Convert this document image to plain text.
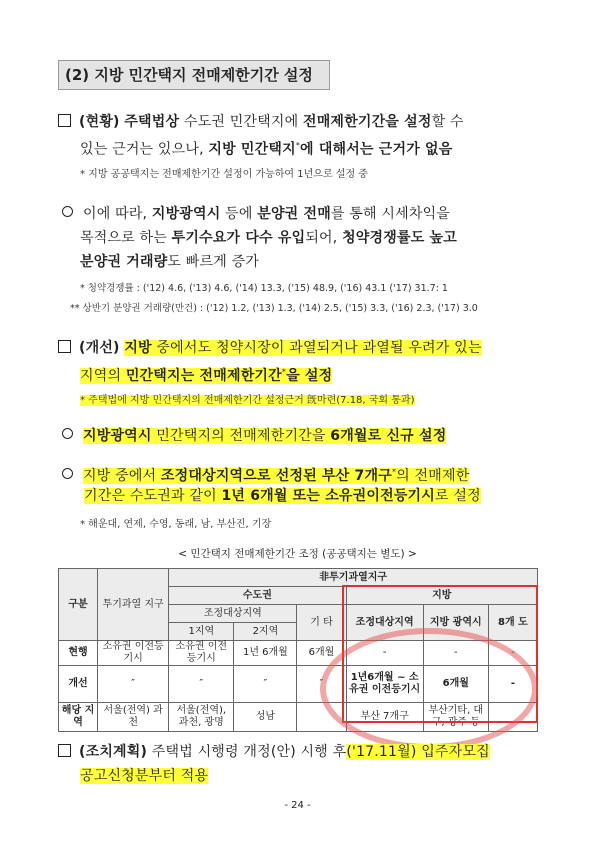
(2) 지방 민간택지 전매제한기간 설정
(현황) 주택법상 수도권 민간택지에 전매제한기간을 설정할 수
있는 근거는 있으나, 지방 민간택지*에 대해서는 근거가 없음
* 지방 공공택지는 전매제한기간 설정이 가능하여 1년으로 설정 중
이에 따라, 지방광역시 등에 분양권 전매를 통해 시세차익을
목적으로 하는 투기수요가 다수 유입되어, 청약경쟁률도 높고
분양권 거래량도 빠르게 증가
* 청약경쟁률 : ('12) 4.6, ('13) 4.6, ('14) 13.3, ('15) 48.9, ('16) 43.1 ('17) 31.7: 1
** 상반기 분양권 거래량(만건) : ('12) 1.2, ('13) 1.3, ('14) 2.5, ('15) 3.3, ('16) 2.3, ('17) 3.0
(개선) 지방 중에서도 청약시장이 과열되거나 과열될 우려가 있는
지역의 민간택지는 전매제한기간*을 설정
* 주택법에 지방 민간택지의 전매제한기간 설정근거 旣마련(7.18, 국회 통과)
지방광역시 민간택지의 전매제한기간을 6개월로 신규 설정
지방 중에서 조정대상지역으로 선정된 부산 7개구*의 전매제한
기간은 수도권과 같이 1년 6개월 또는 소유권이전등기시로 설정
* 해운대, 연제, 수영, 동래, 남, 부산진, 기장
< 민간택지 전매제한기간 조정 (공공택지는 별도) >
구분	투기과열 지구	非투기과열지구					
		수도권			지방		
		조정대상지역		기 타	조정대상지역	지방 광역시	8개 도
		1지역	2지역				
현행	소유권 이전등기시	소유권 이전등기시	1년 6개월	6개월	-	-	-
개선	″	″	″	″	1년6개월 ~ 소유권 이전등기시	6개월	-
해당 지역	서울(전역) 과천	서울(전역), 과천, 광명	성남		부산 7개구	부산기타, 대구, 광주 등	
(조치계획) 주택법 시행령 개정(안) 시행 후('17.11월) 입주자모집
공고신청분부터 적용
- 24 -
